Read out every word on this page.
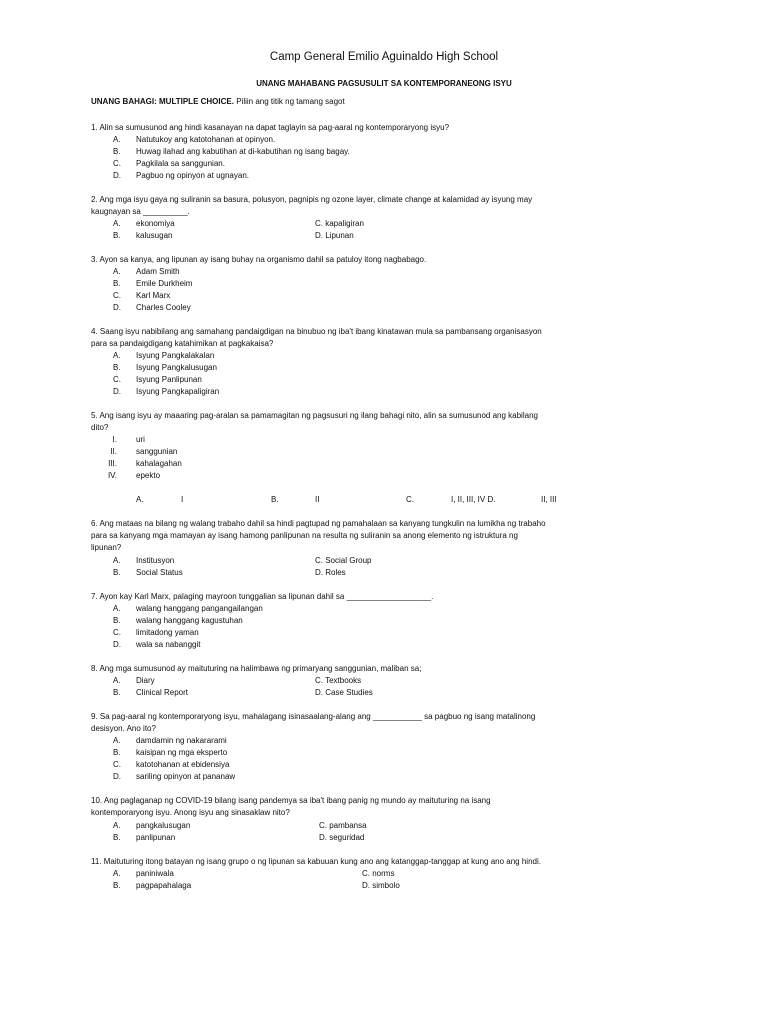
Camp General Emilio Aguinaldo High School
UNANG MAHABANG PAGSUSULIT SA KONTEMPORANEONG ISYU
UNANG BAHAGI: MULTIPLE CHOICE. Piliin ang titik ng tamang sagot
1. Alin sa sumusunod ang hindi kasanayan na dapat taglayin sa pag-aaral ng kontemporaryong isyu?
A. Natutukoy ang katotohanan at opinyon.
B. Huwag ilahad ang kabutihan at di-kabutihan ng isang bagay.
C. Pagkilala sa sanggunian.
D. Pagbuo ng opinyon at ugnayan.
2. Ang mga isyu gaya ng suliranin sa basura, polusyon, pagnipis ng ozone layer, climate change at kalamidad ay isyung may
kaugnayan sa __________.
A. ekonomiya	C. kapaligiran
B. kalusugan	D. Lipunan
3. Ayon sa kanya, ang lipunan ay isang buhay na organismo dahil sa patuloy itong nagbabago.
A. Adam Smith
B. Emile Durkheim
C. Karl Marx
D. Charles Cooley
4. Saang isyu nabibilang ang samahang pandaigdigan na binubuo ng iba't ibang kinatawan mula sa pambansang organisasyon
para sa pandaigdigang katahimikan at pagkakaisa?
A. Isyung Pangkalakalan
B. Isyung Pangkalusugan
C. Isyung Panlipunan
D. Isyung Pangkapaligiran
5. Ang isang isyu ay maaaring pag-aralan sa pamamagitan ng pagsusuri ng ilang bahagi nito, alin sa sumusunod ang kabilang
dito?
I. uri
II. sanggunian
III. kahalagahan
IV. epekto
A.	I	B.	II	C.	I, II, III, IV D.	II, III
6. Ang mataas na bilang ng walang trabaho dahil sa hindi pagtupad ng pamahalaan sa kanyang tungkulin na lumikha ng trabaho
para sa kanyang mga mamayan ay isang hamong panlipunan na resulta ng suliranin sa anong elemento ng istruktura ng
lipunan?
A. Institusyon	C. Social Group
B. Social Status	D. Roles
7. Ayon kay Karl Marx, palaging mayroon tunggalian sa lipunan dahil sa ___________________.
A. walang hanggang pangangailangan
B. walang hanggang kagustuhan
C. limitadong yaman
D. wala sa nabanggit
8. Ang mga sumusunod ay maituturing na halimbawa ng primaryang sanggunian, maliban sa;
A. Diary	C. Textbooks
B. Clinical Report	D. Case Studies
9. Sa pag-aaral ng kontemporaryong isyu, mahalagang isinasaalang-alang ang ___________ sa pagbuo ng isang matalinong
desisyon. Ano ito?
A. damdamin ng nakararami
B. kaisipan ng mga eksperto
C. katotohanan at ebidensiya
D. sariling opinyon at pananaw
10. Ang paglaganap ng COVID-19 bilang isang pandemya sa iba't ibang panig ng mundo ay maituturing na isang
kontemporaryong isyu. Anong isyu ang sinasaklaw nito?
A. pangkalusugan	C. pambansa
B. panlipunan	D. seguridad
11. Maituturing itong batayan ng isang grupo o ng lipunan sa kabuuan kung ano ang katanggap-tanggap at kung ano ang hindi.
A. paniniwala	C. norms
B. pagpapahalaga	D. simbolo
